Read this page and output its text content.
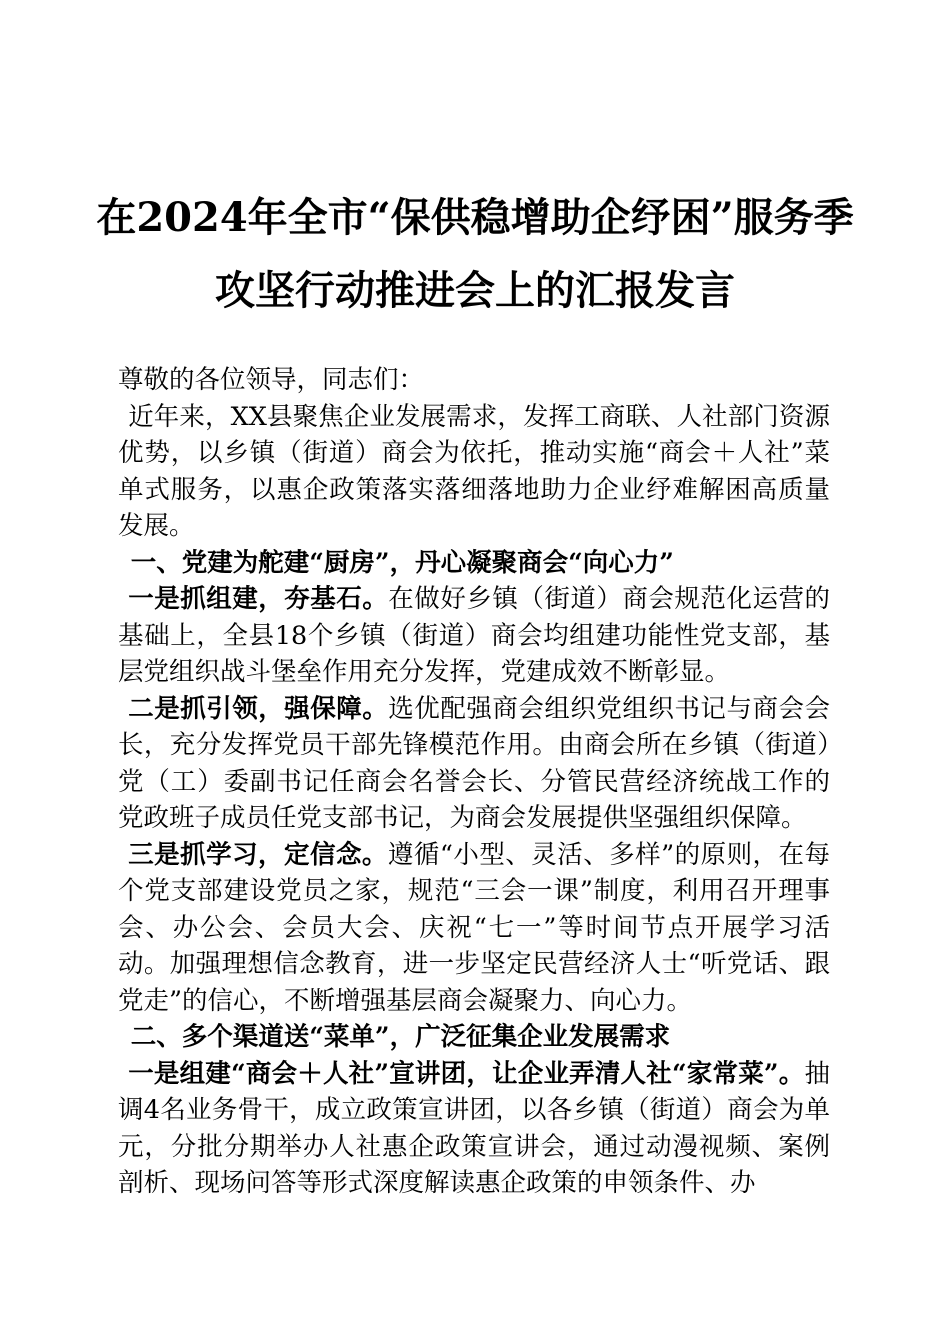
在2024年全市“保供稳增助企纾困”服务季
攻坚行动推进会上的汇报发言

尊敬的各位领导，同志们：

近年来，XX县聚焦企业发展需求，发挥工商联、人社部门资源优势，以乡镇（街道）商会为依托，推动实施“商会＋人社”菜单式服务，以惠企政策落实落细落地助力企业纾难解困高质量发展。

一、党建为舵建“厨房”，丹心凝聚商会“向心力”

一是抓组建，夯基石。在做好乡镇（街道）商会规范化运营的基础上，全县18个乡镇（街道）商会均组建功能性党支部，基层党组织战斗堡垒作用充分发挥，党建成效不断彰显。

二是抓引领，强保障。选优配强商会组织党组织书记与商会会长，充分发挥党员干部先锋模范作用。由商会所在乡镇（街道）党（工）委副书记任商会名誉会长、分管民营经济统战工作的党政班子成员任党支部书记，为商会发展提供坚强组织保障。

三是抓学习，定信念。遵循“小型、灵活、多样”的原则，在每个党支部建设党员之家，规范“三会一课”制度，利用召开理事会、办公会、会员大会、庆祝“七一”等时间节点开展学习活动。加强理想信念教育，进一步坚定民营经济人士“听党话、跟党走”的信心，不断增强基层商会凝聚力、向心力。

二、多个渠道送“菜单”，广泛征集企业发展需求

一是组建“商会＋人社”宣讲团，让企业弄清人社“家常菜”。抽调4名业务骨干，成立政策宣讲团，以各乡镇（街道）商会为单元，分批分期举办人社惠企政策宣讲会，通过动漫视频、案例剖析、现场问答等形式深度解读惠企政策的申领条件、办
